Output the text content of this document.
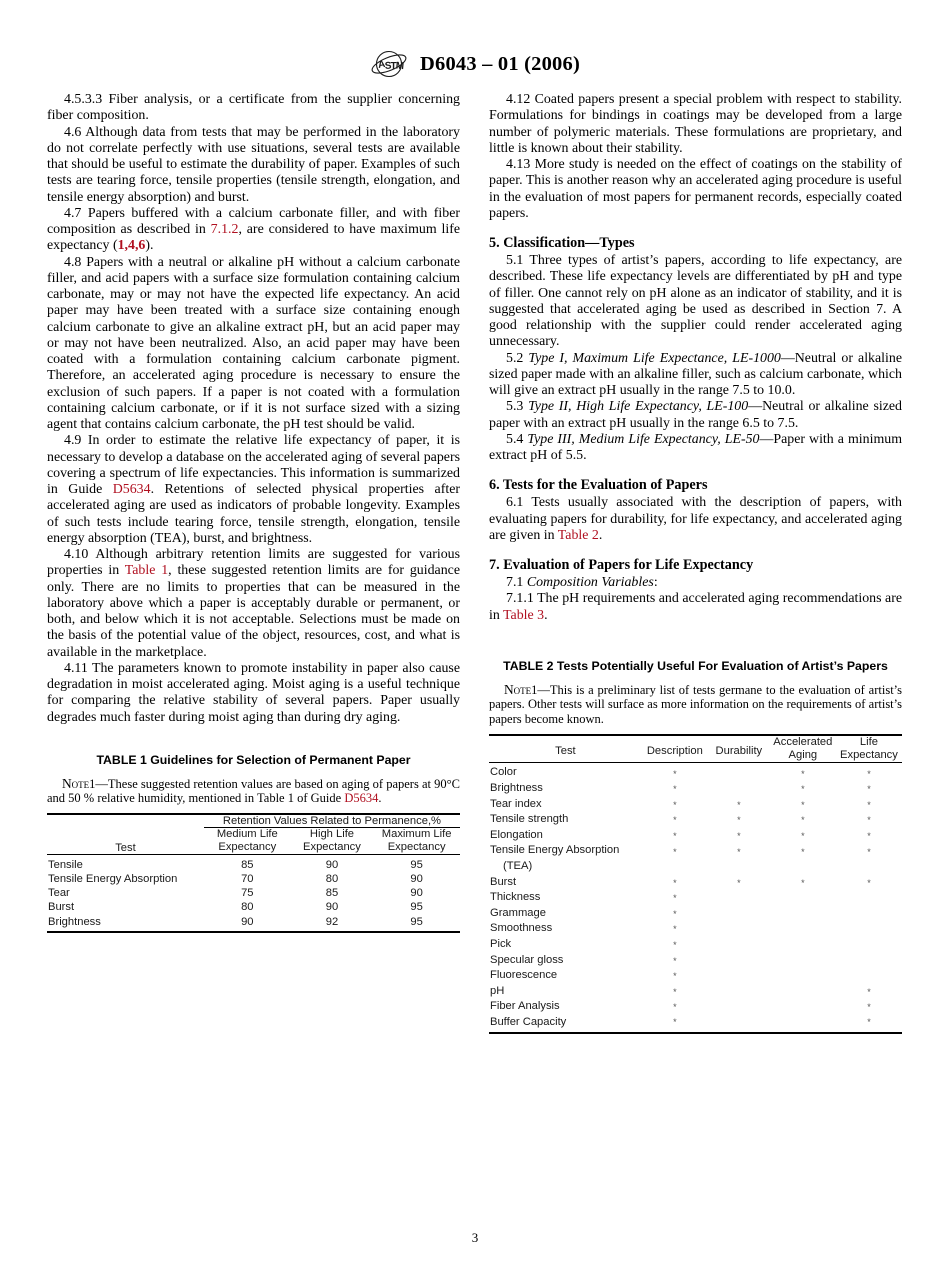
A
S
T
M D6043 – 01 (2006)

4.5.3.3 Fiber analysis, or a certificate from the supplier concerning fiber composition.

4.6 Although data from tests that may be performed in the laboratory do not correlate perfectly with use situations, several tests are available that should be useful to estimate the durability of paper. Examples of such tests are tearing force, tensile properties (tensile strength, elongation, and tensile energy absorption) and burst.

4.7 Papers buffered with a calcium carbonate filler, and with fiber composition as described in 7.1.2, are considered to have maximum life expectancy (1,4,6).

4.8 Papers with a neutral or alkaline pH without a calcium carbonate filler, and acid papers with a surface size formulation containing calcium carbonate, may or may not have the expected life expectancy. An acid paper may have been treated with a surface size containing enough calcium carbonate to give an alkaline extract pH, but an acid paper may or may not have been neutralized. Also, an acid paper may have been coated with a formulation containing calcium carbonate pigment. Therefore, an accelerated aging procedure is necessary to ensure the exclusion of such papers. If a paper is not coated with a formulation containing calcium carbonate, or if it is not surface sized with a sizing agent that contains calcium carbonate, the pH test should be valid.

4.9 In order to estimate the relative life expectancy of paper, it is necessary to develop a database on the accelerated aging of several papers covering a spectrum of life expectancies. This information is summarized in Guide D5634. Retentions of selected physical properties after accelerated aging are used as indicators of probable longevity. Examples of such tests include tearing force, tensile strength, elongation, tensile energy absorption (TEA), burst, and brightness.

4.10 Although arbitrary retention limits are suggested for various properties in Table 1, these suggested retention limits are for guidance only. There are no limits to properties that can be measured in the laboratory above which a paper is acceptably durable or permanent, or both, and below which it is not acceptable. Selections must be made on the basis of the potential value of the object, resources, cost, and what is available in the marketplace.

4.11 The parameters known to promote instability in paper also cause degradation in moist accelerated aging. Moist aging is a useful technique for comparing the relative stability of several papers. Paper usually degrades much faster during moist aging than during dry aging.

TABLE 1 Guidelines for Selection of Permanent Paper

Note1—These suggested retention values are based on aging of papers at 90°C and 50 % relative humidity, mentioned in Table 1 of Guide D5634.

Test	Retention Values Related to Permanence,%		
	Medium Life Expectancy	High Life Expectancy	Maximum Life Expectancy
Tensile	85	90	95
Tensile Energy Absorption	70	80	90
Tear	75	85	90
Burst	80	90	95
Brightness	90	92	95

4.12 Coated papers present a special problem with respect to stability. Formulations for bindings in coatings may be developed from a large number of polymeric materials. These formulations are proprietary, and little is known about their stability.

4.13 More study is needed on the effect of coatings on the stability of paper. This is another reason why an accelerated aging procedure is useful in the evaluation of most papers for permanent records, especially coated papers.

5. Classification—Types

5.1 Three types of artist’s papers, according to life expectancy, are described. These life expectancy levels are differentiated by pH and type of filler. One cannot rely on pH alone as an indicator of stability, and it is suggested that accelerated aging be used as described in Section 7. A good relationship with the supplier could render accelerated aging unnecessary.

5.2 Type I, Maximum Life Expectance, LE-1000—Neutral or alkaline sized paper made with an alkaline filler, such as calcium carbonate, which will give an extract pH usually in the range 7.5 to 10.0.

5.3 Type II, High Life Expectancy, LE-100—Neutral or alkaline sized paper with an extract pH usually in the range 6.5 to 7.5.

5.4 Type III, Medium Life Expectancy, LE-50—Paper with a minimum extract pH of 5.5.

6. Tests for the Evaluation of Papers

6.1 Tests usually associated with the description of papers, with evaluating papers for durability, for life expectancy, and accelerated aging are given in Table 2.

7. Evaluation of Papers for Life Expectancy

7.1 Composition Variables:

7.1.1 The pH requirements and accelerated aging recommendations are in Table 3.

TABLE 2 Tests Potentially Useful For Evaluation of Artist’s Papers

Note1—This is a preliminary list of tests germane to the evaluation of artist’s papers. Other tests will surface as more information on the requirements of artist’s papers become known.

Test	Description	Durability	Accelerated Aging	Life Expectancy
Color	*		*	*
Brightness	*		*	*
Tear index	*	*	*	*
Tensile strength	*	*	*	*
Elongation	*	*	*	*
Tensile Energy Absorption	*	*	*	*
(TEA)				
Burst	*	*	*	*
Thickness	*			
Grammage	*			
Smoothness	*			
Pick	*			
Specular gloss	*			
Fluorescence	*			
pH	*			*
Fiber Analysis	*			*
Buffer Capacity	*			*
3
